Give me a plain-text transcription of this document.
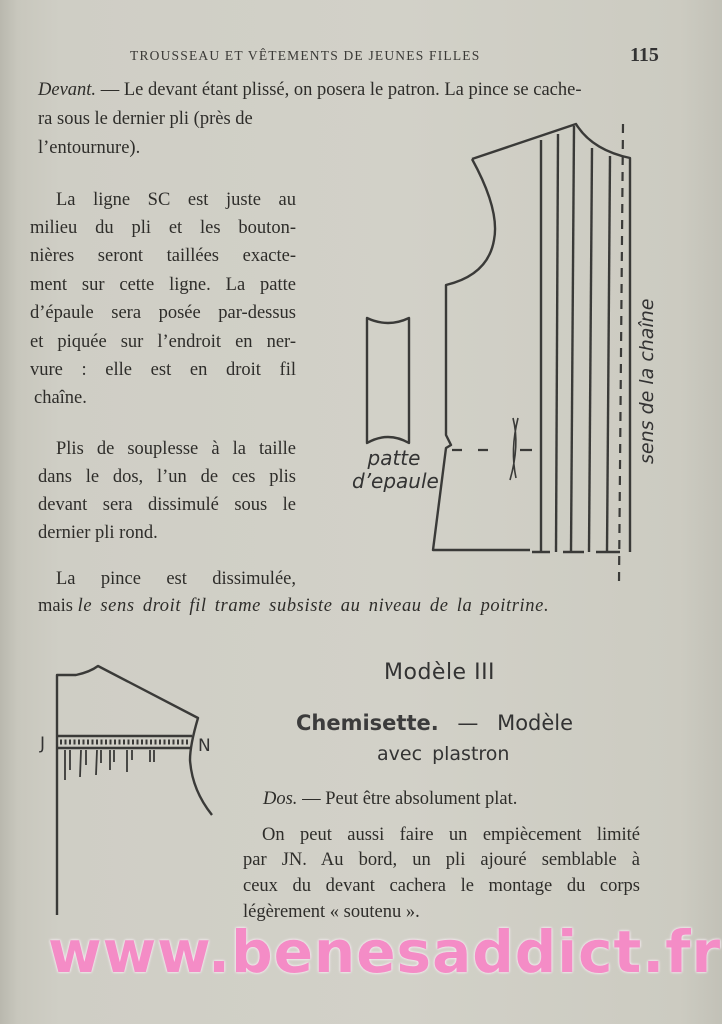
TROUSSEAU ET VÊTEMENTS DE JEUNES FILLES	115
Devant. — Le devant étant plissé, on posera le patron. La pince se cache-
ra sous le dernier pli (près de
l’entournure).
La ligne SC est juste au
milieu du pli et les bouton-
nières seront taillées exacte-
ment sur cette ligne. La patte
d’épaule sera posée par-dessus
et piquée sur l’endroit en ner-
vure : elle est en droit fil
chaîne.
Plis de souplesse à la taille
dans le dos, l’un de ces plis
devant sera dissimulé sous le
dernier pli rond.
La pince est dissimulée,
mais le sens droit fil trame subsiste au niveau de la poitrine.
patte
d’epaule
sens de la chaîne
J	N
Modèle III
Chemisette. — Modèle
avec plastron
Dos. — Peut être absolument plat.
On peut aussi faire un empiècement limité
par JN. Au bord, un pli ajouré semblable à
ceux du devant cachera le montage du corps
légèrement « soutenu ».
www.benesaddict.fr
